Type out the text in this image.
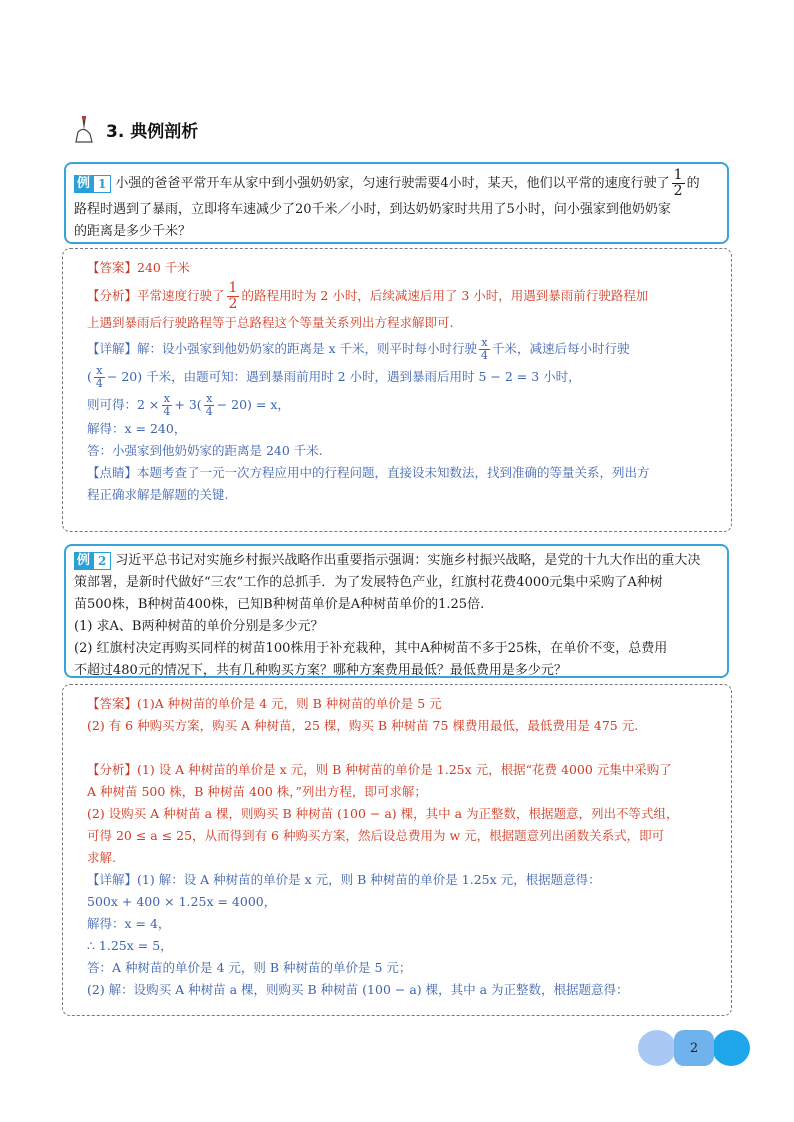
3. 典例剖析
例 1 小强的爸爸平常开车从家中到小强奶奶家，匀速行驶需要4小时，某天，他们以平常的速度行驶了 $\frac{1}{2}$ 的
路程时遇到了暴雨，立即将车速减少了20千米／小时，到达奶奶家时共用了5小时，问小强家到他奶奶家
的距离是多少千米？
【答案】240 千米
【分析】平常速度行驶了 $\frac{1}{2}$ 的路程用时为 2 小时，后续减速后用了 3 小时，用遇到暴雨前行驶路程加
上遇到暴雨后行驶路程等于总路程这个等量关系列出方程求解即可.
【详解】解：设小强家到他奶奶家的距离是 x 千米，则平时每小时行驶 $\frac{x}{4}$ 千米，减速后每小时行驶
( $\frac{x}{4} - 20$) 千米，由题可知：遇到暴雨前用时 2 小时，遇到暴雨后用时 5 − 2 = 3 小时，
则可得：$2 \times \frac{x}{4} + 3( \frac{x}{4} - 20) = x$，
解得：x = 240，
答：小强家到他奶奶家的距离是 240 千米.
【点睛】本题考查了一元一次方程应用中的行程问题，直接设未知数法，找到准确的等量关系，列出方
程正确求解是解题的关键.
例 2 习近平总书记对实施乡村振兴战略作出重要指示强调：实施乡村振兴战略，是党的十九大作出的重大决
策部署，是新时代做好“三农”工作的总抓手．为了发展特色产业，红旗村花费4000元集中采购了A种树
苗500株，B种树苗400株，已知B种树苗单价是A种树苗单价的1.25倍.
(1) 求A、B两种树苗的单价分别是多少元？
(2) 红旗村决定再购买同样的树苗100株用于补充栽种，其中A种树苗不多于25株，在单价不变，总费用
不超过480元的情况下，共有几种购买方案？哪种方案费用最低？最低费用是多少元？
【答案】(1)A 种树苗的单价是 4 元，则 B 种树苗的单价是 5 元
(2) 有 6 种购买方案，购买 A 种树苗，25 棵，购买 B 种树苗 75 棵费用最低，最低费用是 475 元.
【分析】(1) 设 A 种树苗的单价是 x 元，则 B 种树苗的单价是 1.25x 元，根据“花费 4000 元集中采购了
A 种树苗 500 株，B 种树苗 400 株，”列出方程，即可求解；
(2) 设购买 A 种树苗 a 棵，则购买 B 种树苗 (100 − a) 棵，其中 a 为正整数，根据题意，列出不等式组，
可得 20 ≤ a ≤ 25，从而得到有 6 种购买方案，然后设总费用为 w 元，根据题意列出函数关系式，即可
求解.
【详解】(1) 解：设 A 种树苗的单价是 x 元，则 B 种树苗的单价是 1.25x 元，根据题意得：
500x + 400 × 1.25x = 4000，
解得：x = 4，
∴ 1.25x = 5，
答：A 种树苗的单价是 4 元，则 B 种树苗的单价是 5 元；
(2) 解：设购买 A 种树苗 a 棵，则购买 B 种树苗 (100 − a) 棵，其中 a 为正整数，根据题意得：
2
